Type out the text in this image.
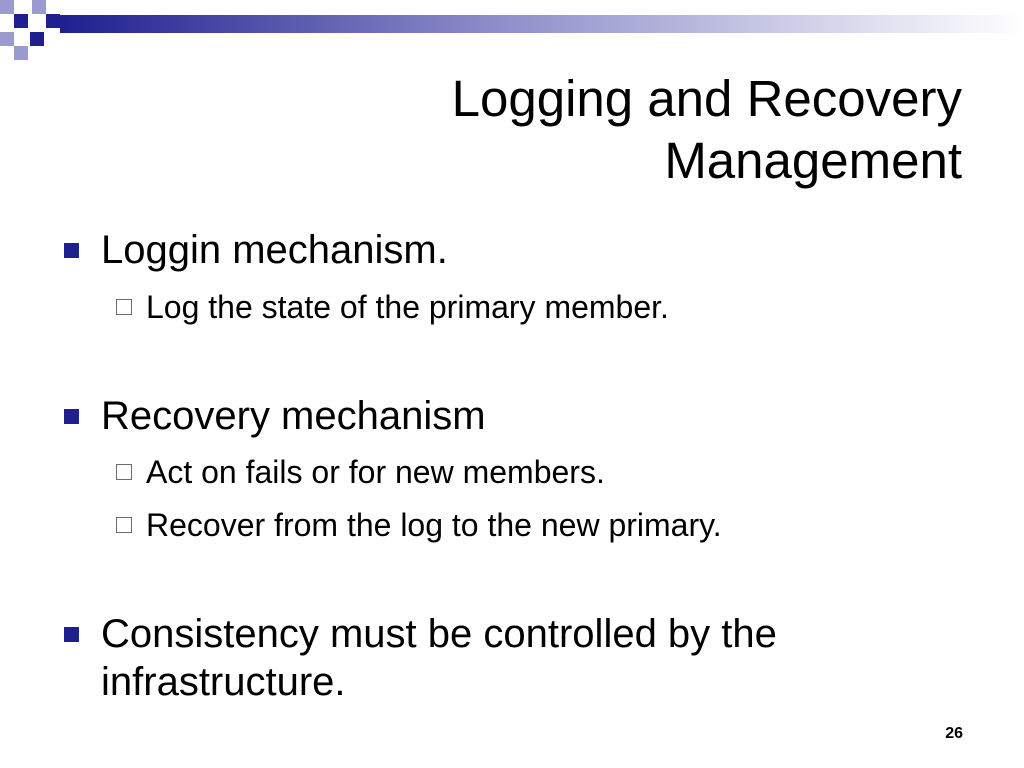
Logging and Recovery
Management
Loggin mechanism.
Log the state of the primary member.
Recovery mechanism
Act on fails or for new members.
Recover from the log to the new primary.
Consistency must be controlled by the infrastructure.
26
